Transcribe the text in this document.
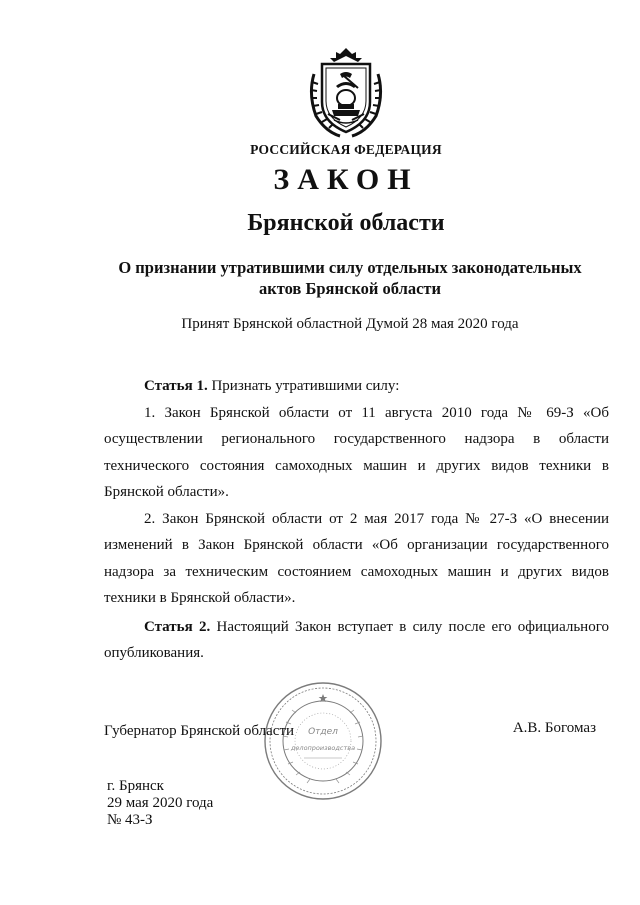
РОССИЙСКАЯ ФЕДЕРАЦИЯ
ЗАКОН
Брянской области
О признании утратившими силу отдельных законодательных
актов Брянской области
Принят Брянской областной Думой 28 мая 2020 года

Статья 1. Признать утратившими силу:

1. Закон Брянской области от 11 августа 2010 года № 69-З «Об осуществлении регионального государственного надзора в области технического состояния самоходных машин и других видов техники в Брянской области».

2. Закон Брянской области от 2 мая 2017 года № 27-З «О внесении изменений в Закон Брянской области «Об организации государственного надзора за техническим состоянием самоходных машин и других видов техники в Брянской области».

Статья 2. Настоящий Закон вступает в силу после его официального опубликования.

Отдел
делопроизводства
Губернатор Брянской области	А.В. Богомаз
г. Брянск
29 мая 2020 года
№ 43-З
